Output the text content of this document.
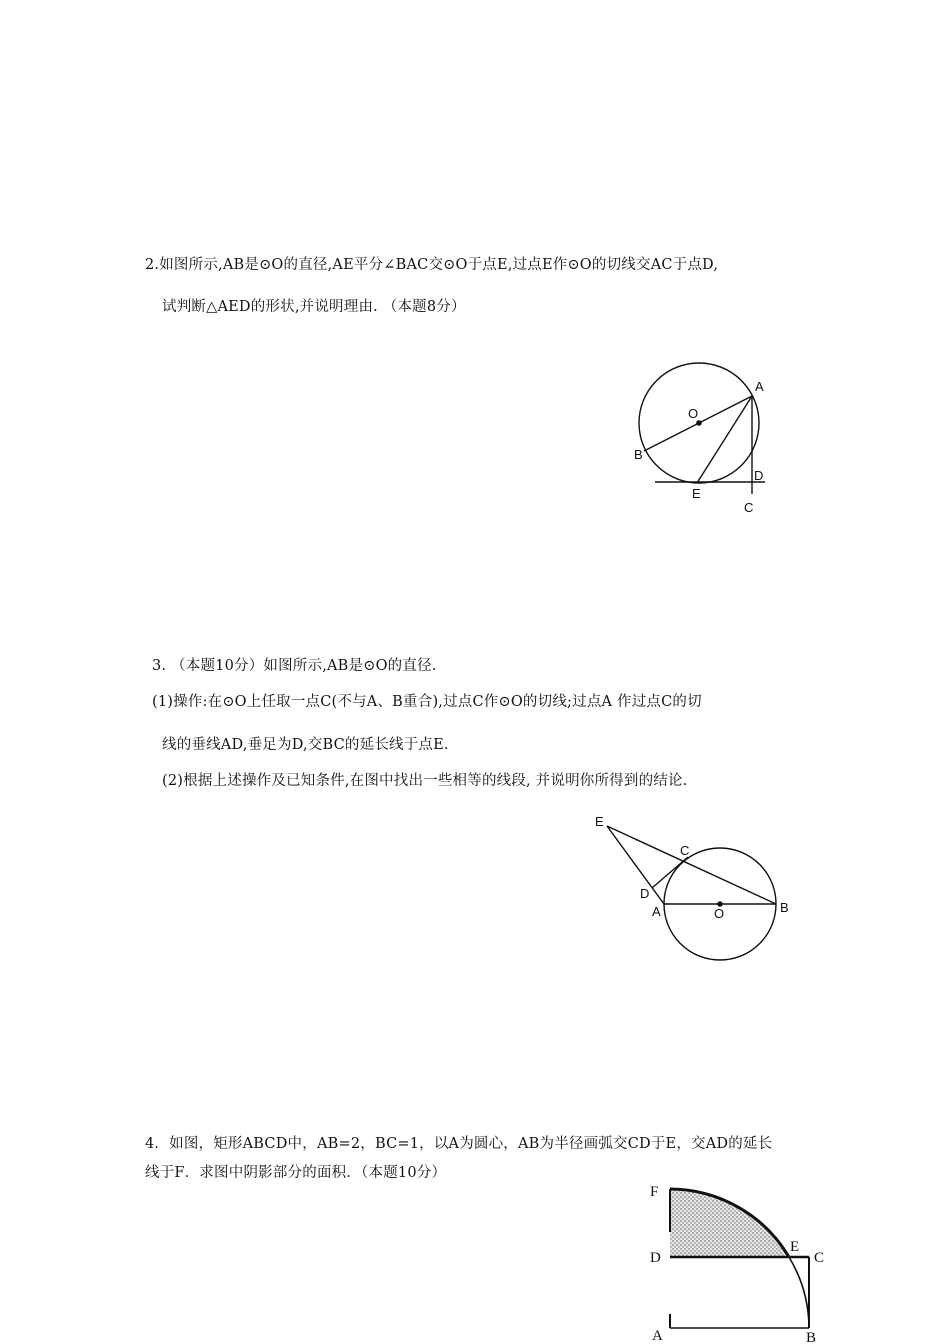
2.如图所示,AB是⊙O的直径,AE平分∠BAC交⊙O于点E,过点E作⊙O的切线交AC于点D,
试判断△AED的形状,并说明理由. （本题8分）
A
O
B
D
E
C
3. （本题10分）如图所示,AB是⊙O的直径.
(1)操作:在⊙O上任取一点C(不与A、B重合),过点C作⊙O的切线;过点A 作过点C的切
线的垂线AD,垂足为D,交BC的延长线于点E.
(2)根据上述操作及已知条件,在图中找出一些相等的线段, 并说明你所得到的结论.
E
C
D
A	O	B
4．如图，矩形ABCD中，AB=2，BC=1，以A为圆心，AB为半径画弧交CD于E，交AD的延长
线于F．求图中阴影部分的面积．（本题10分）
F
E
D	C
A	B
